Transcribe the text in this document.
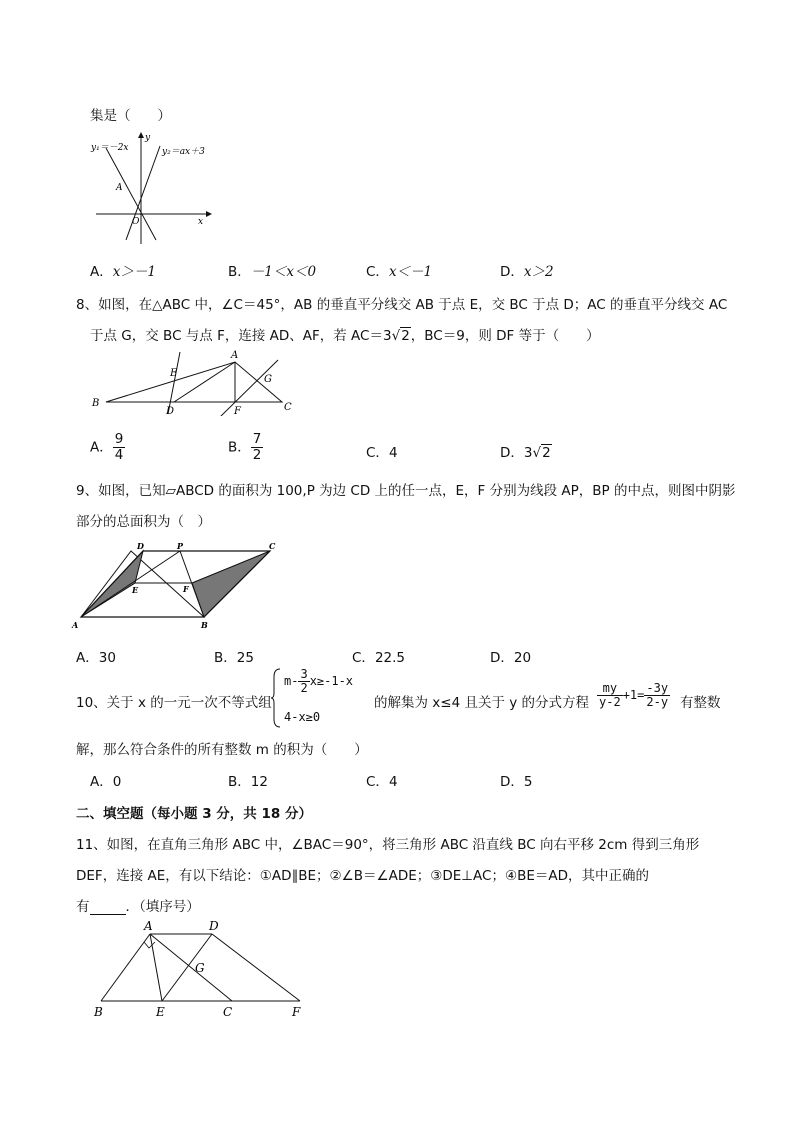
集是（　　）
y₁＝－2x	y₂＝ax＋3
A
O	x
y
A．x＞－1	B．－1＜x＜0	C．x＜－1	D．x＞2
8、如图，在△ABC 中，∠C＝45°，AB 的垂直平分线交 AB 于点 E，交 BC 于点 D；AC 的垂直平分线交 AC
于点 G，交 BC 与点 F，连接 AD、AF，若 AC＝3√2，BC＝9，则 DF 等于（　　）
A
B	C
D
E
F
G
A． $\frac{9}{4}$	B． $\frac{7}{2}$	C．4	D．3√2
9、如图，已知▱ABCD 的面积为 100,P 为边 CD 上的任一点，E，F 分别为线段 AP，BP 的中点，则图中阴影
部分的总面积为（　）
A	B
C
D	P
E	F
A．30	B．25	C．22.5	D．20
10、关于 x 的一元一次不等式组
$m- \frac{3}{2} x\ge-1-x$
4-x≥0
的解集为 x≤4 且关于 y 的分式方程 $\frac{my}{y-2} +1= \frac{-3y}{2-y}$ 有整数
解，那么符合条件的所有整数 m 的积为（　　）
A．0	B．12	C．4	D．5
二、填空题（每小题 3 分，共 18 分）
11、如图，在直角三角形 ABC 中，∠BAC＝90°，将三角形 ABC 沿直线 BC 向右平移 2cm 得到三角形
DEF，连接 AE，有以下结论：①AD∥BE；②∠B＝∠ADE；③DE⊥AC；④BE＝AD，其中正确的
有	．（填序号）
A
B	C
D
E	F
G
